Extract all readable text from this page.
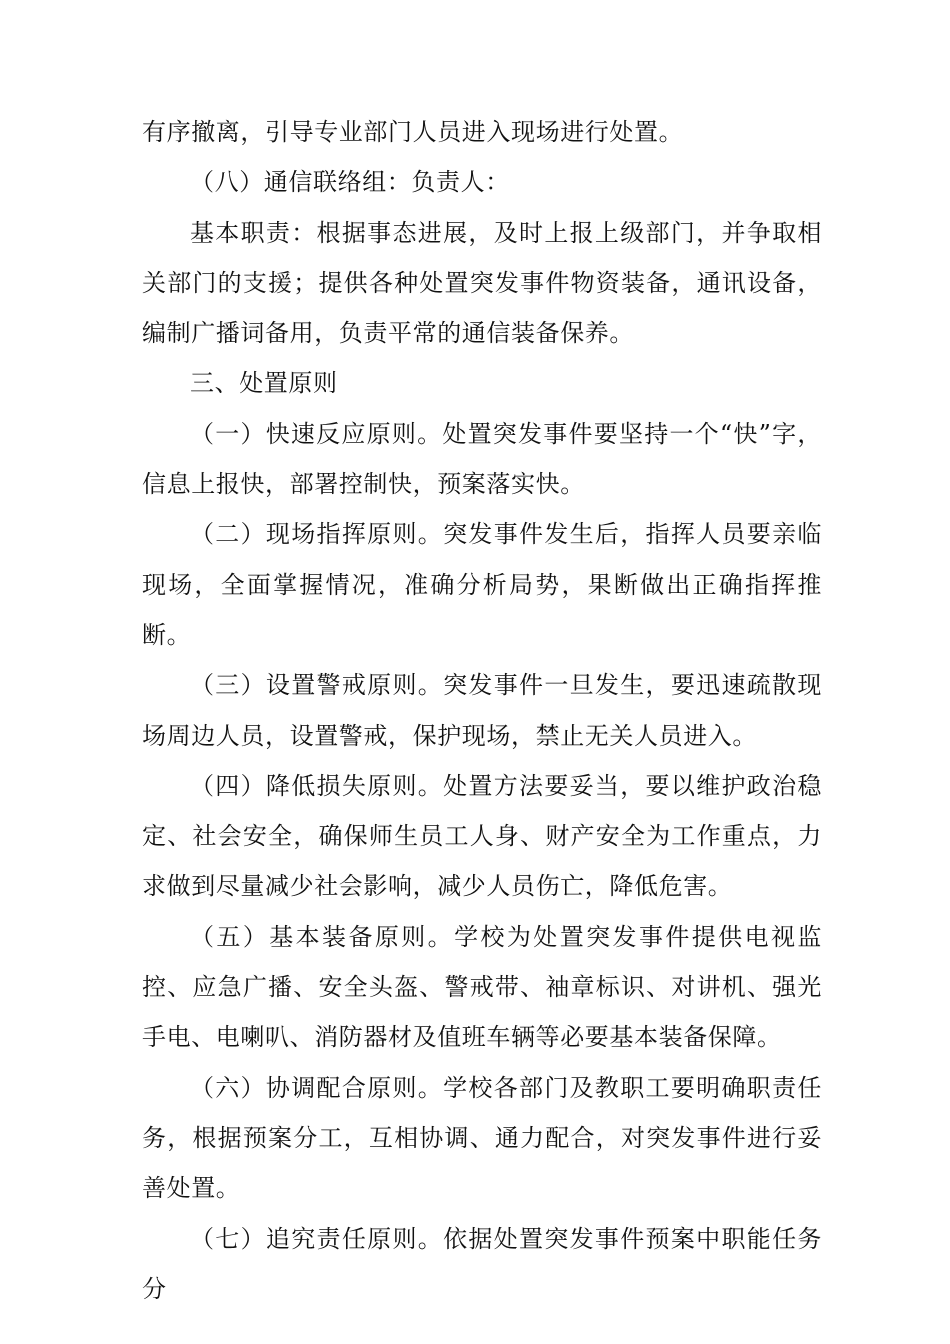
有序撤离，引导专业部门人员进入现场进行处置。

（八）通信联络组：负责人：

基本职责：根据事态进展，及时上报上级部门，并争取相关部门的支援；提供各种处置突发事件物资装备，通讯设备，编制广播词备用，负责平常的通信装备保养。

三、处置原则

（一）快速反应原则。处置突发事件要坚持一个“快”字，信息上报快，部署控制快，预案落实快。

（二）现场指挥原则。突发事件发生后，指挥人员要亲临现场，全面掌握情况，准确分析局势，果断做出正确指挥推断。

（三）设置警戒原则。突发事件一旦发生，要迅速疏散现场周边人员，设置警戒，保护现场，禁止无关人员进入。

（四）降低损失原则。处置方法要妥当，要以维护政治稳定、社会安全，确保师生员工人身、财产安全为工作重点，力求做到尽量减少社会影响，减少人员伤亡，降低危害。

（五）基本装备原则。学校为处置突发事件提供电视监控、应急广播、安全头盔、警戒带、袖章标识、对讲机、强光手电、电喇叭、消防器材及值班车辆等必要基本装备保障。

（六）协调配合原则。学校各部门及教职工要明确职责任务，根据预案分工，互相协调、通力配合，对突发事件进行妥善处置。

（七）追究责任原则。依据处置突发事件预案中职能任务分
